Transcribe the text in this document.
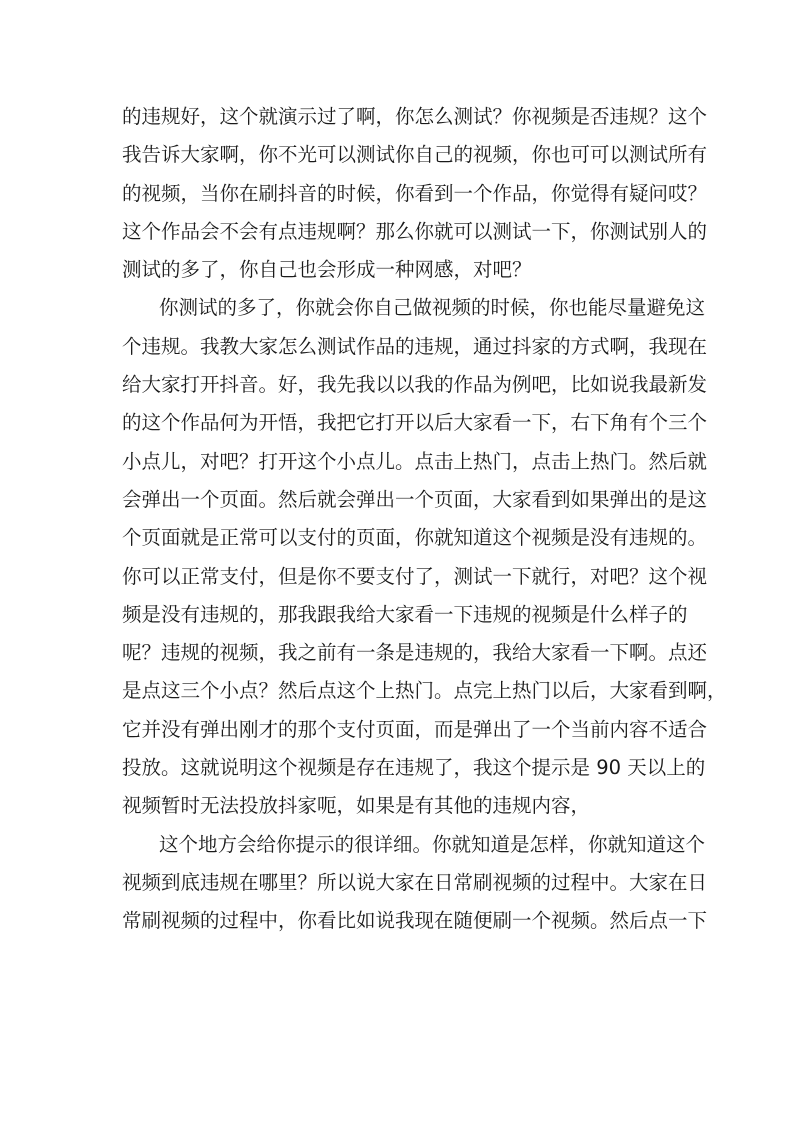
的违规好，这个就演示过了啊，你怎么测试？你视频是否违规？这个
我告诉大家啊，你不光可以测试你自己的视频，你也可可以测试所有
的视频，当你在刷抖音的时候，你看到一个作品，你觉得有疑问哎？
这个作品会不会有点违规啊？那么你就可以测试一下，你测试别人的
测试的多了，你自己也会形成一种网感，对吧？
你测试的多了，你就会你自己做视频的时候，你也能尽量避免这
个违规。我教大家怎么测试作品的违规，通过抖家的方式啊，我现在
给大家打开抖音。好，我先我以以我的作品为例吧，比如说我最新发
的这个作品何为开悟，我把它打开以后大家看一下，右下角有个三个
小点儿，对吧？打开这个小点儿。点击上热门，点击上热门。然后就
会弹出一个页面。然后就会弹出一个页面，大家看到如果弹出的是这
个页面就是正常可以支付的页面，你就知道这个视频是没有违规的。
你可以正常支付，但是你不要支付了，测试一下就行，对吧？这个视
频是没有违规的，那我跟我给大家看一下违规的视频是什么样子的
呢？违规的视频，我之前有一条是违规的，我给大家看一下啊。点还
是点这三个小点？然后点这个上热门。点完上热门以后，大家看到啊，
它并没有弹出刚才的那个支付页面，而是弹出了一个当前内容不适合
投放。这就说明这个视频是存在违规了，我这个提示是 90 天以上的
视频暂时无法投放抖家呃，如果是有其他的违规内容，
这个地方会给你提示的很详细。你就知道是怎样，你就知道这个
视频到底违规在哪里？所以说大家在日常刷视频的过程中。大家在日
常刷视频的过程中，你看比如说我现在随便刷一个视频。然后点一下
